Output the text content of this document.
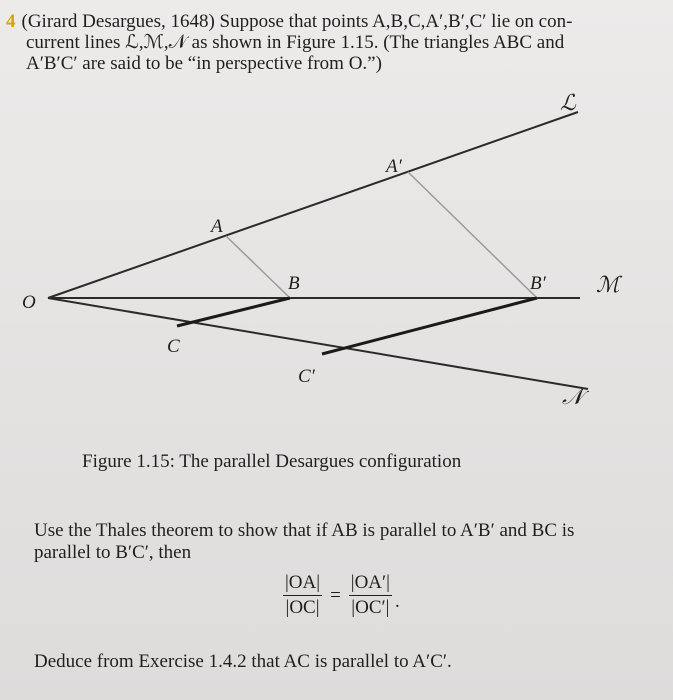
4 (Girard Desargues, 1648) Suppose that points A,B,C,A′,B′,C′ lie on con-
current lines ℒ,ℳ,𝒩 as shown in Figure 1.15. (The triangles ABC and
A′B′C′ are said to be “in perspective from O.”)
O
A
B
C
A′
B′
C′
ℒ
ℳ
𝒩
Figure 1.15: The parallel Desargues configuration
Use the Thales theorem to show that if AB is parallel to A′B′ and BC is
parallel to B′C′, then
$\frac{|OA|}{|OC|} = \frac{|OA'|}{|OC'|}$ .
Deduce from Exercise 1.4.2 that AC is parallel to A′C′.
